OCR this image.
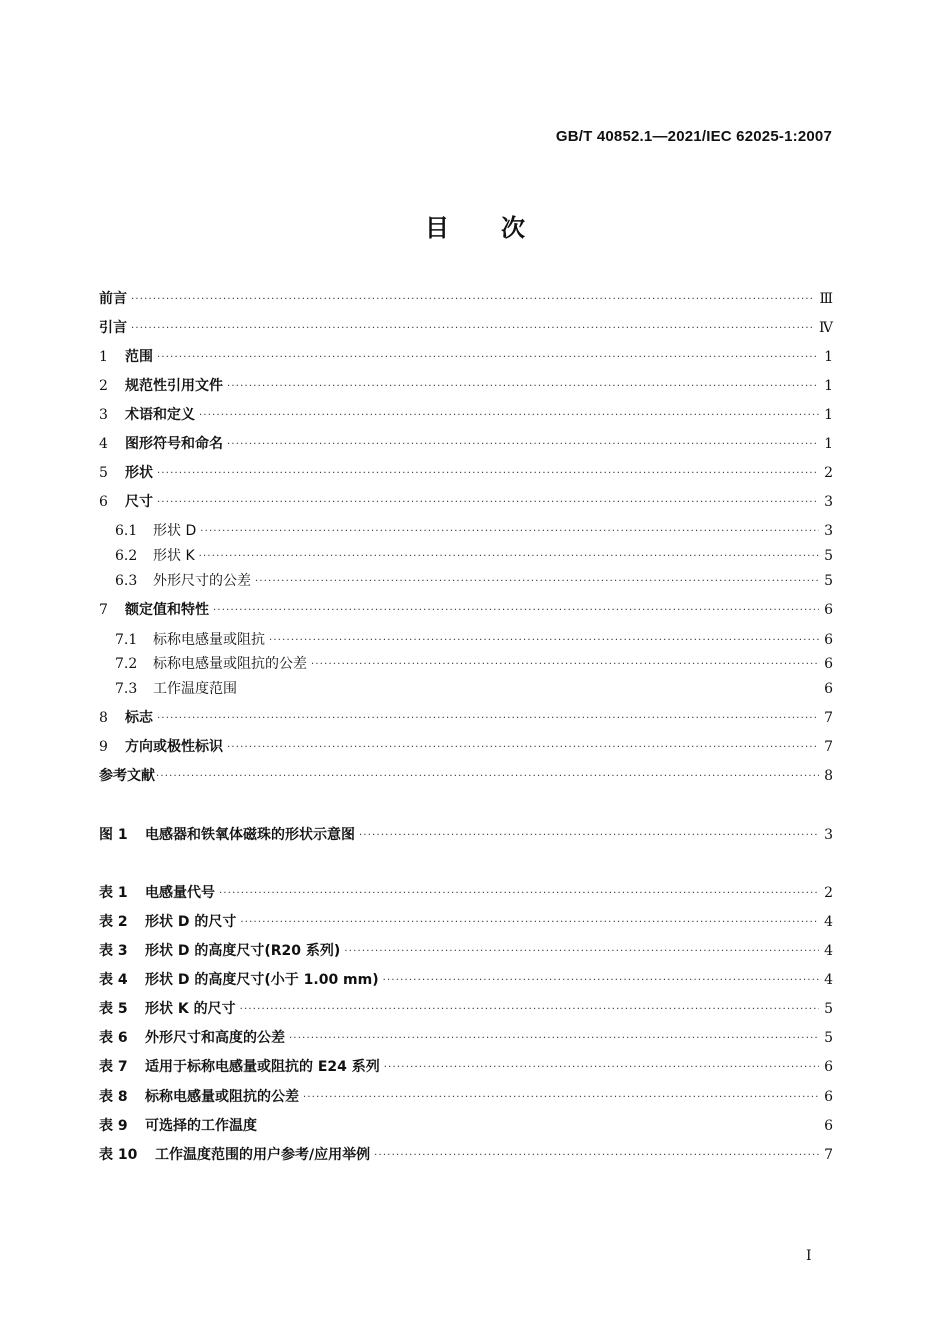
GB/T 40852.1—2021/IEC 62025-1:2007
目次
前言 ·····	Ⅲ
引言 ·····	Ⅳ
1	范围 ·····	1
2	规范性引用文件 ·····	1
3	术语和定义 ·····	1
4	图形符号和命名 ·····	1
5	形状 ·····	2
6	尺寸 ·····	3
6.1	形状 D ·····	3
6.2	形状 K ·····	5
6.3	外形尺寸的公差 ·····	5
7	额定值和特性 ·····	6
7.1	标称电感量或阻抗 ·····	6
7.2	标称电感量或阻抗的公差 ·····	6
7.3	工作温度范围	6
8	标志 ·····	7
9	方向或极性标识 ·····	7
参考文献 ·····	8
图 1	电感器和铁氧体磁珠的形状示意图 ·····	3
表 1	电感量代号 ·····	2
表 2	形状 D 的尺寸 ·····	4
表 3	形状 D 的高度尺寸(R20 系列) ·····	4
表 4	形状 D 的高度尺寸(小于 1.00 mm) ·····	4
表 5	形状 K 的尺寸 ·····	5
表 6	外形尺寸和高度的公差 ·····	5
表 7	适用于标称电感量或阻抗的 E24 系列 ·····	6
表 8	标称电感量或阻抗的公差 ·····	6
表 9	可选择的工作温度	6
表 10	工作温度范围的用户参考/应用举例 ·····	7
I
